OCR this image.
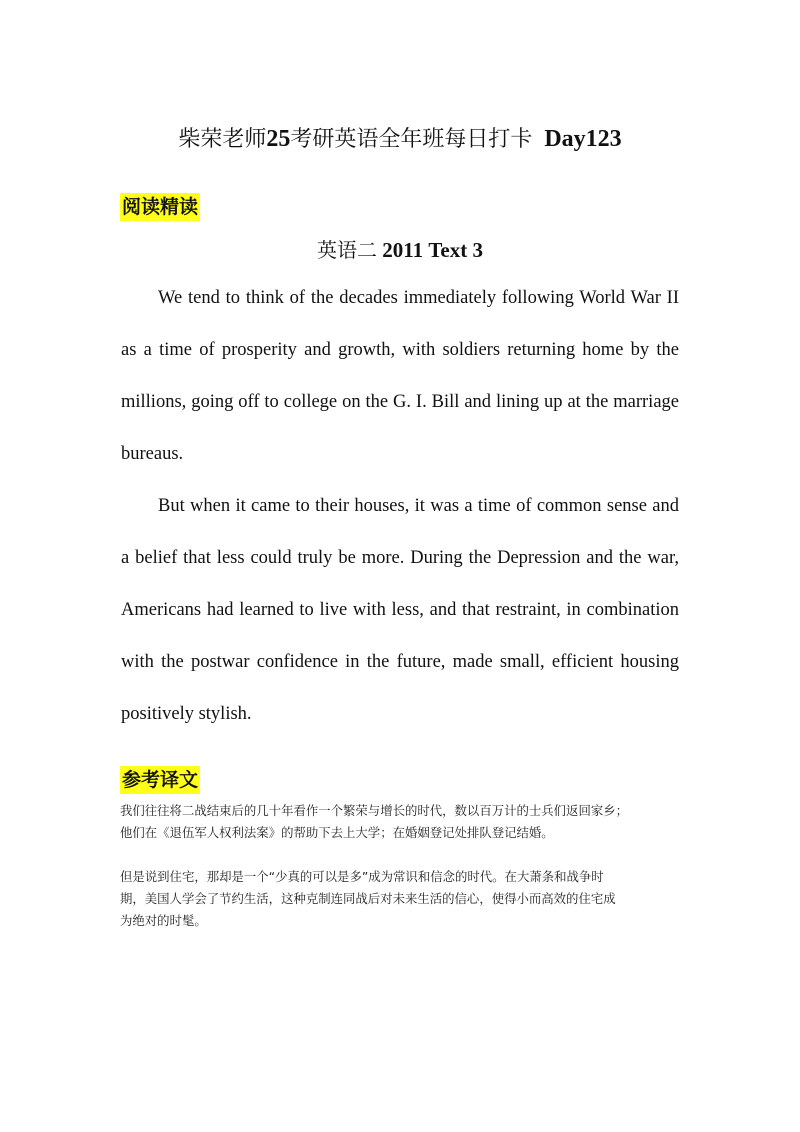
柴荣老师25考研英语全年班每日打卡 Day123
阅读精读
英语二 2011 Text 3

We tend to think of the decades immediately following World War II as a time of prosperity and growth, with soldiers returning home by the millions, going off to college on the G. I. Bill and lining up at the marriage bureaus.

But when it came to their houses, it was a time of common sense and a belief that less could truly be more. During the Depression and the war, Americans had learned to live with less, and that restraint, in combination with the postwar confidence in the future, made small, efficient housing positively stylish.

参考译文

我们往往将二战结束后的几十年看作一个繁荣与增长的时代，数以百万计的士兵们返回家乡；
他们在《退伍军人权利法案》的帮助下去上大学；在婚姻登记处排队登记结婚。

但是说到住宅，那却是一个“少真的可以是多”成为常识和信念的时代。在大萧条和战争时
期，美国人学会了节约生活，这种克制连同战后对未来生活的信心，使得小而高效的住宅成
为绝对的时髦。
